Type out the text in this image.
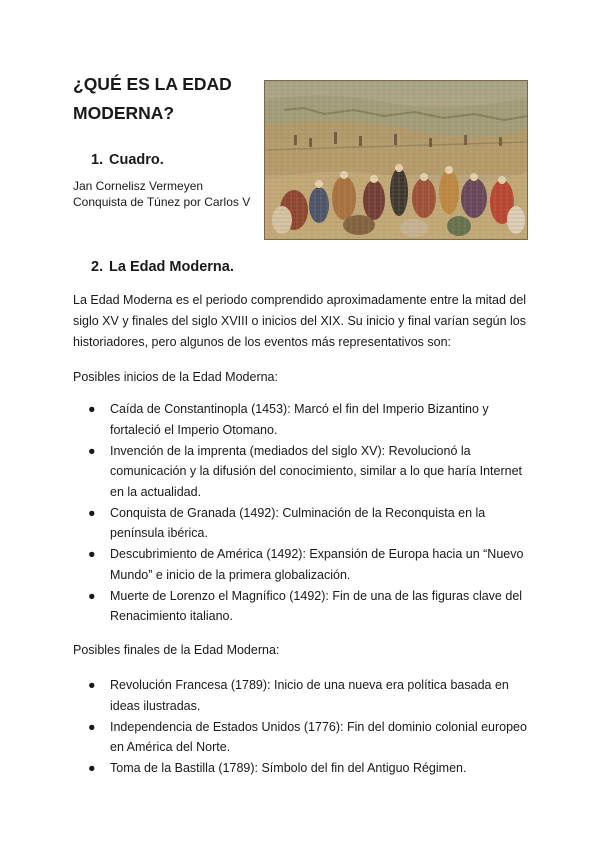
¿QUÉ ES LA EDAD MODERNA?
1. Cuadro.
Jan Cornelisz Vermeyen
Conquista de Túnez por Carlos V
2. La Edad Moderna.

La Edad Moderna es el periodo comprendido aproximadamente entre la mitad del siglo XV y finales del siglo XVIII o inicios del XIX. Su inicio y final varían según los historiadores, pero algunos de los eventos más representativos son:

Posibles inicios de la Edad Moderna:

● Caída de Constantinopla (1453): Marcó el fin del Imperio Bizantino y fortaleció el Imperio Otomano.
● Invención de la imprenta (mediados del siglo XV): Revolucionó la comunicación y la difusión del conocimiento, similar a lo que haría Internet en la actualidad.
● Conquista de Granada (1492): Culminación de la Reconquista en la península ibérica.
● Descubrimiento de América (1492): Expansión de Europa hacia un “Nuevo Mundo” e inicio de la primera globalización.
● Muerte de Lorenzo el Magnífico (1492): Fin de una de las figuras clave del Renacimiento italiano.

Posibles finales de la Edad Moderna:

● Revolución Francesa (1789): Inicio de una nueva era política basada en ideas ilustradas.
● Independencia de Estados Unidos (1776): Fin del dominio colonial europeo en América del Norte.
● Toma de la Bastilla (1789): Símbolo del fin del Antiguo Régimen.
